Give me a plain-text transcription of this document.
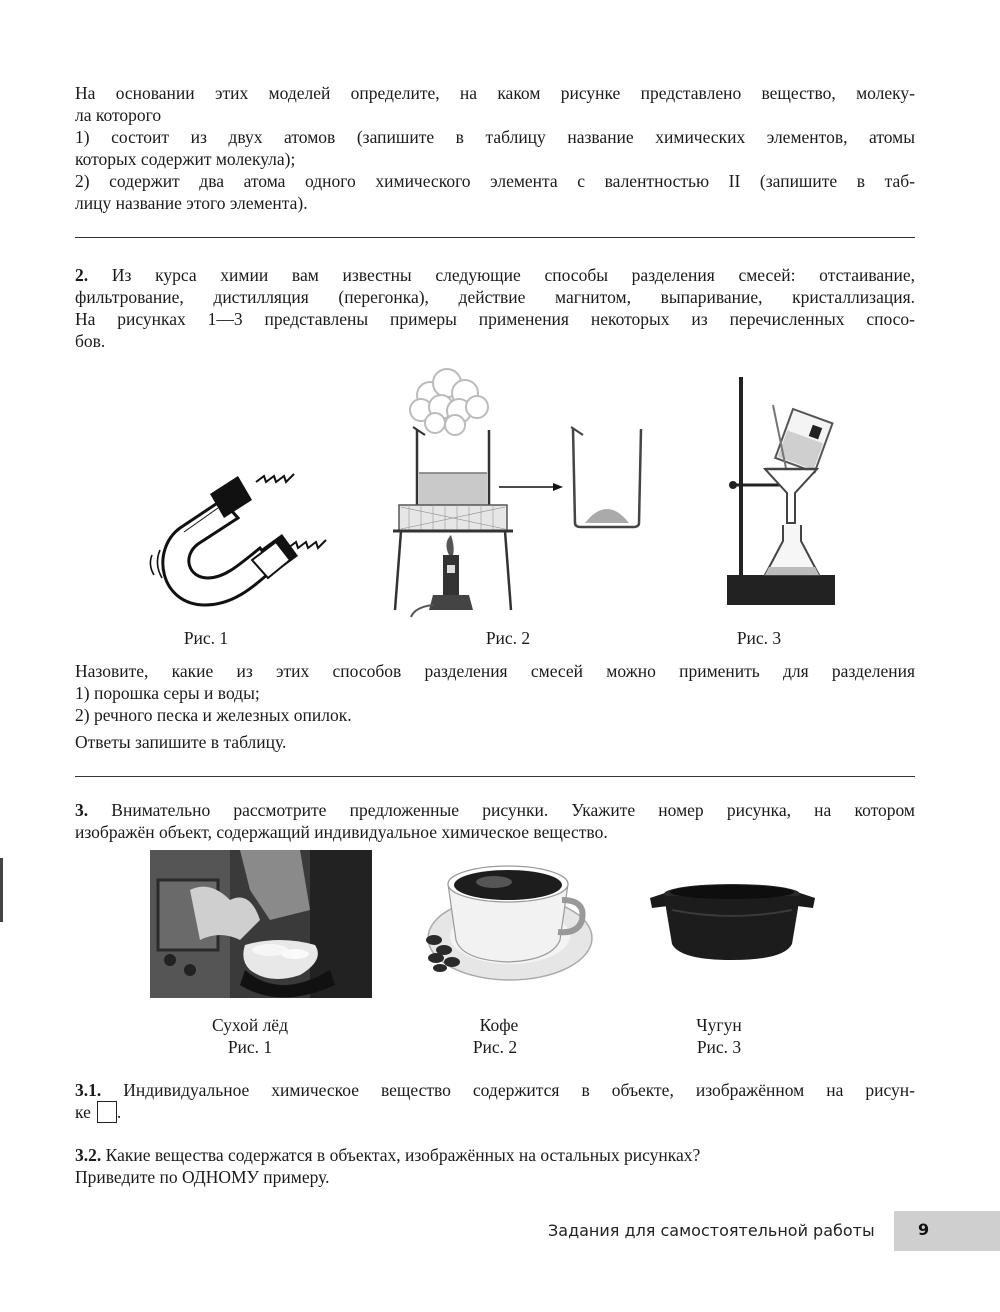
На основании этих моделей определите, на каком рисунке представлено вещество, молеку-
ла которого
1) состоит из двух атомов (запишите в таблицу название химических элементов, атомы
которых содержит молекула);
2) содержит два атома одного химического элемента с валентностью II (запишите в таб-
лицу название этого элемента).
2. Из курса химии вам известны следующие способы разделения смесей: отстаивание,
фильтрование, дистилляция (перегонка), действие магнитом, выпаривание, кристаллизация.
На рисунках 1—3 представлены примеры применения некоторых из перечисленных спосо-
бов.
Рис. 1	Рис. 2	Рис. 3
Назовите, какие из этих способов разделения смесей можно применить для разделения
1) порошка серы и воды;
2) речного песка и железных опилок.
Ответы запишите в таблицу.
3. Внимательно рассмотрите предложенные рисунки. Укажите номер рисунка, на котором
изображён объект, содержащий индивидуальное химическое вещество.
Сухой лёд
Рис. 1
Кофе
Рис. 2
Чугун
Рис. 3
3.1. Индивидуальное химическое вещество содержится в объекте, изображённом на рисун-
ке .
3.2. Какие вещества содержатся в объектах, изображённых на остальных рисунках?
Приведите по ОДНОМУ примеру.
Задания для самостоятельной работы	9
